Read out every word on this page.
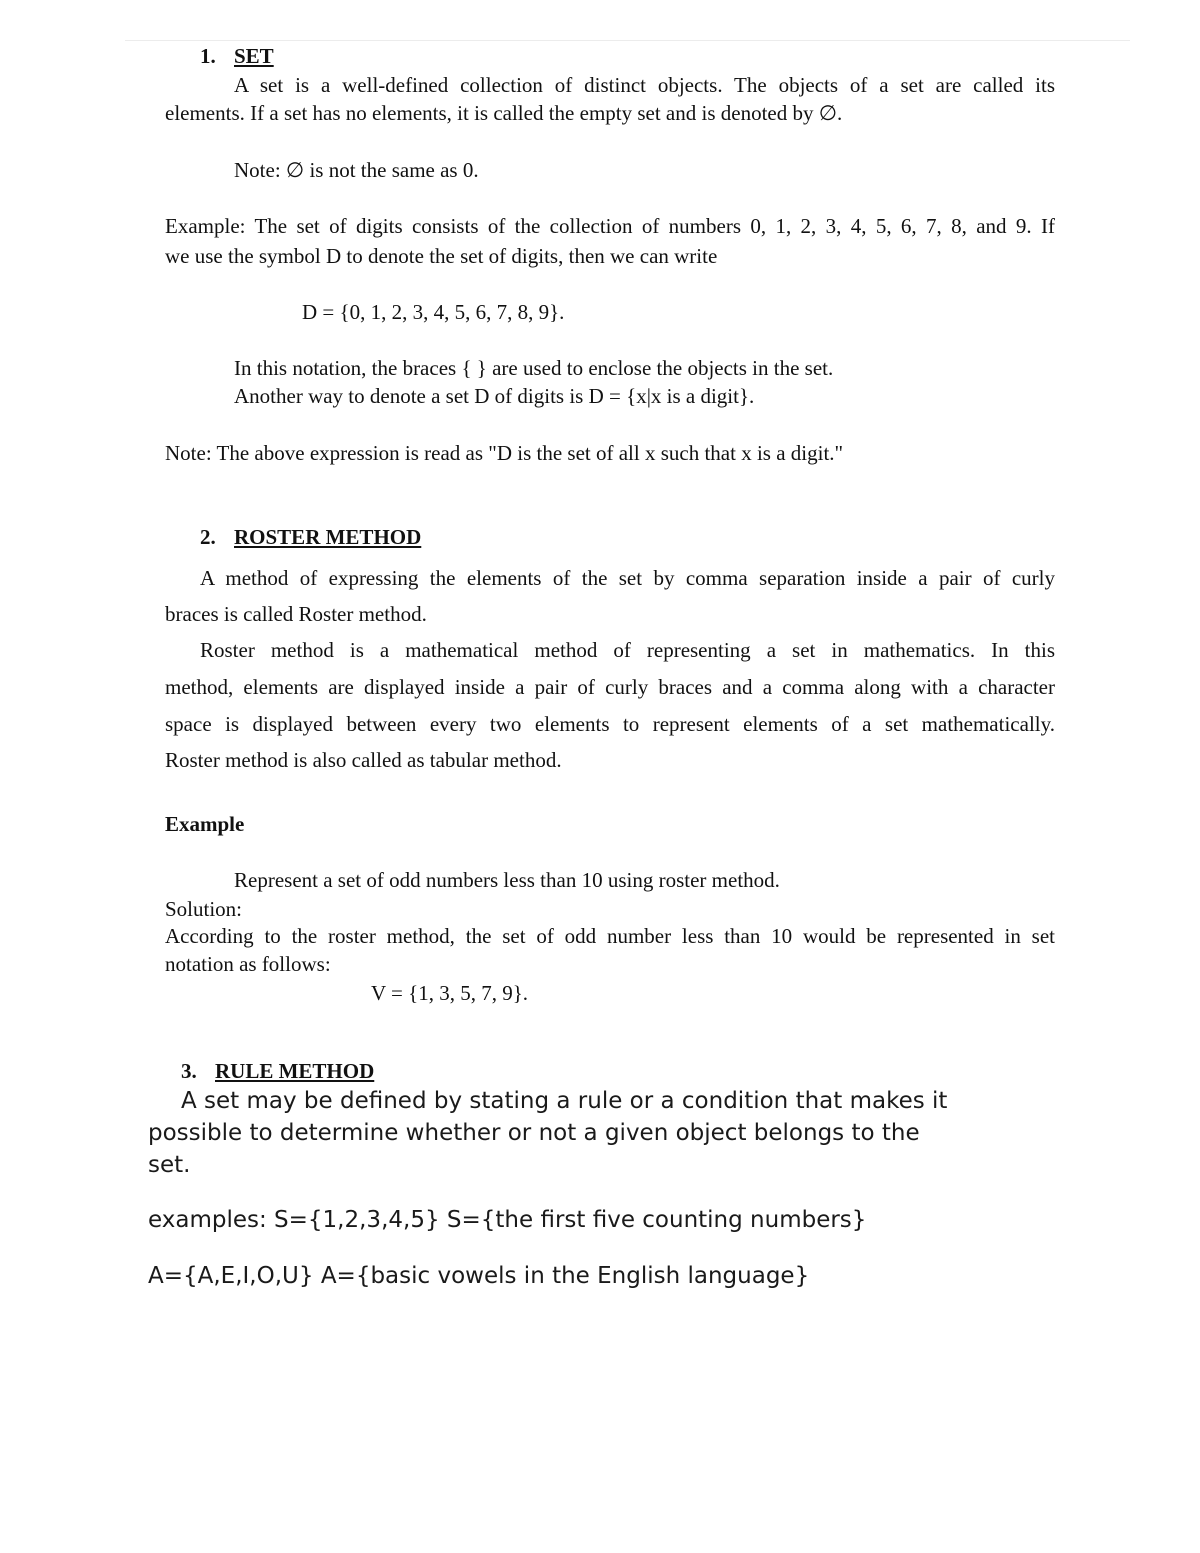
1. SET
A set is a well-defined collection of distinct objects. The objects of a set are called its
elements. If a set has no elements, it is called the empty set and is denoted by ∅.
Note: ∅ is not the same as 0.
Example: The set of digits consists of the collection of numbers 0, 1, 2, 3, 4, 5, 6, 7, 8, and 9. If
we use the symbol D to denote the set of digits, then we can write
D = {0, 1, 2, 3, 4, 5, 6, 7, 8, 9}.
In this notation, the braces { } are used to enclose the objects in the set.
Another way to denote a set D of digits is D = {x|x is a digit}.
Note: The above expression is read as "D is the set of all x such that x is a digit."
2. ROSTER METHOD
A method of expressing the elements of the set by comma separation inside a pair of curly
braces is called Roster method.
Roster method is a mathematical method of representing a set in mathematics. In this
method, elements are displayed inside a pair of curly braces and a comma along with a character
space is displayed between every two elements to represent elements of a set mathematically.
Roster method is also called as tabular method.
Example
Represent a set of odd numbers less than 10 using roster method.
Solution:
According to the roster method, the set of odd number less than 10 would be represented in set
notation as follows:
V = {1, 3, 5, 7, 9}.
3. RULE METHOD
A set may be defined by stating a rule or a condition that makes it
possible to determine whether or not a given object belongs to the
set.
examples: S={1,2,3,4,5} S={the first five counting numbers}
A={A,E,I,O,U} A={basic vowels in the English language}
